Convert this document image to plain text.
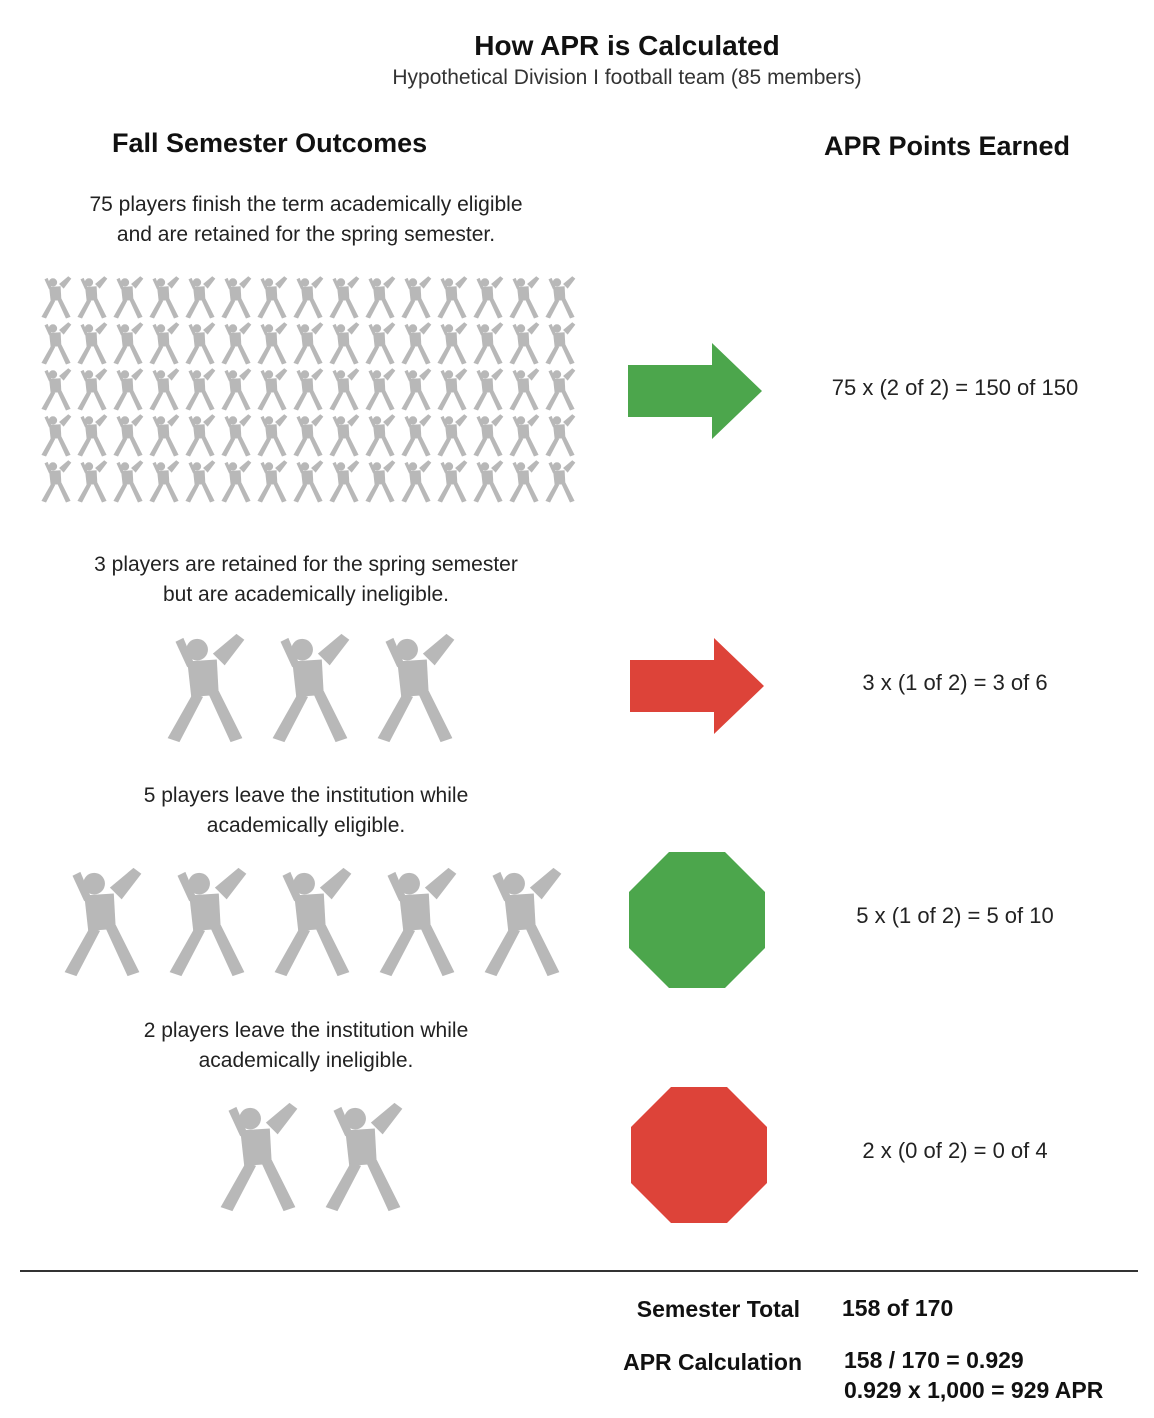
How APR is Calculated
Hypothetical Division I football team (85 members)
Fall Semester Outcomes	APR Points Earned
75 players finish the term academically eligible
and are retained for the spring semester.
75 x (2 of 2) = 150 of 150
3 players are retained for the spring semester
but are academically ineligible.
3 x (1 of 2) = 3 of 6
5 players leave the institution while
academically eligible.
5 x (1 of 2) = 5 of 10
2 players leave the institution while
academically ineligible.
2 x (0 of 2) = 0 of 4
Semester Total 158 of 170
APR Calculation 158 / 170 = 0.929
0.929 x 1,000 = 929 APR
